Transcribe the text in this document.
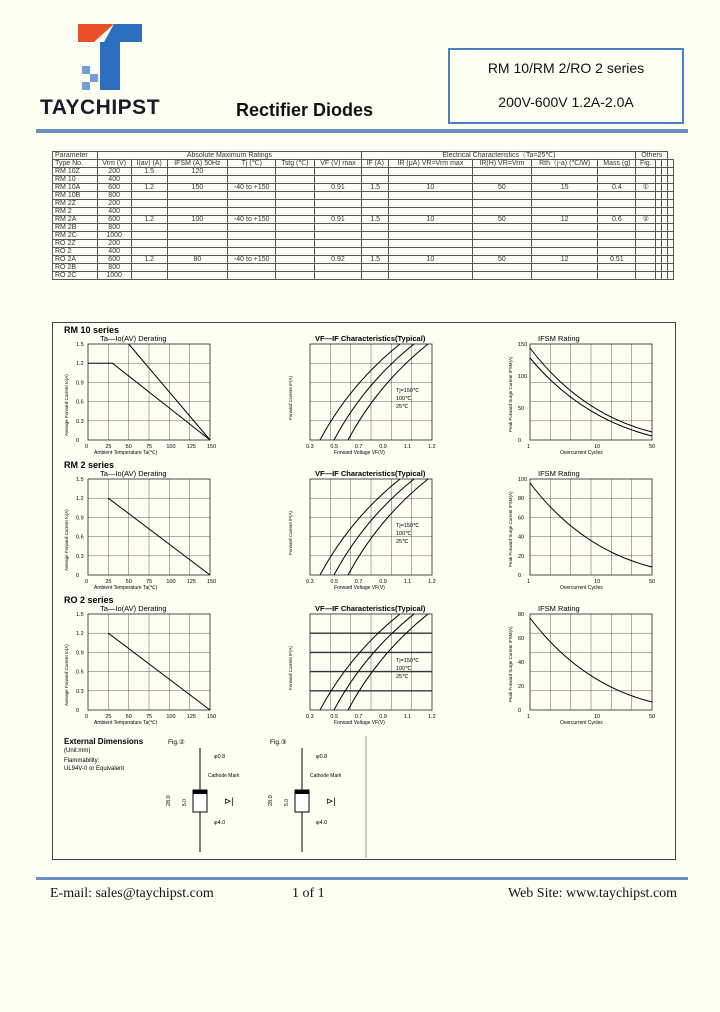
TAYCHIPST	Rectifier Diodes
RM 10/RM 2/RO 2 series
200V-600V 1.2A-2.0A
Parameter	Absolute Maximum Ratings						Electrical Characteristics（Ta=25℃)					Others			
Type No.	Vrm (V)	I(av) (A)	IFSM (A) 50Hz	Tj (℃)	Tstg (℃)	VF (V) max	IF (A)	IR (μA) VR=Vrm max	IR(H) VR=Vrm	Rth（j-a) (℃/W)	Mass (g)	Fig.			
RM 10Z	200	1.5	120												
RM 10	400														
RM 10A	600	1.2	150	-40 to +150		0.91	1.5	10	50	15	0.4	①			
RM 10B	800														
RM 2Z	200														
RM 2	400														
RM 2A	600	1.2	100	-40 to +150		0.91	1.5	10	50	12	0.6	②			
RM 2B	800														
RM 2C	1000														
RO 2Z	200														
RO 2	400														
RO 2A	600	1.2	80	-40 to +150		0.92	1.5	10	50	12	0.51				
RO 2B	800														
RO 2C	1000														
RM 10 series
Ta—Io(AV) Derating
0	25	50	75	100 125 150
1.5
1.2
0.9
0.6
0.3
0
Ambient Temperature Ta(℃)
Average Forward Current Io(A)
VF—IF Characteristics(Typical)
0.3	0.5	0.7	0.9	1.1	1.2
Forward Voltage VF(V)
Forward Current IF(A)	Tj=150℃
100℃
25℃
IFSM Rating
1	10	50
Overcurrent Cycles
Peak Forward Surge Current IFSM(A)
150
100
50
0
RM 2 series
Ta—Io(AV) Derating
0	25	50	75	100 125 150
1.5
1.2
0.9
0.6
0.3
0
Ambient Temperature Ta(℃)
Average Forward Current Io(A)
VF—IF Characteristics(Typical)
0.3	0.5	0.7	0.9	1.1	1.2
Forward Voltage VF(V)
Forward Current IF(A)	Tj=150℃
100℃
25℃
IFSM Rating
1	10	50
Overcurrent Cycles
Peak Forward Surge Current IFSM(A)
100
80
60
40
20
0
RO 2 series
Ta—Io(AV) Derating
0	25	50	75	100 125 150
1.5
1.2
0.9
0.6
0.3
0
Ambient Temperature Ta(℃)
Average Forward Current Io(A)
VF—IF Characteristics(Typical)
0.3	0.5	0.7	0.9	1.1	1.2
Forward Voltage VF(V)
Forward Current IF(A)	Tj=150℃
100℃
25℃
IFSM Rating
1	10	50
Overcurrent Cycles
Peak Forward Surge Current IFSM(A)
80
60
40
20
0
External Dimensions
(Unit:mm)
Flammability:
UL94V-0 or Equivalent
Fig.②
φ0.8
φ4.0
Cathode Mark
28.0 5.0	⊳|
Fig.③
φ0.8
φ4.0
Cathode Mark
28.0 5.0	⊳|
E-mail: sales@taychipst.com	1 of 1	Web Site: www.taychipst.com
